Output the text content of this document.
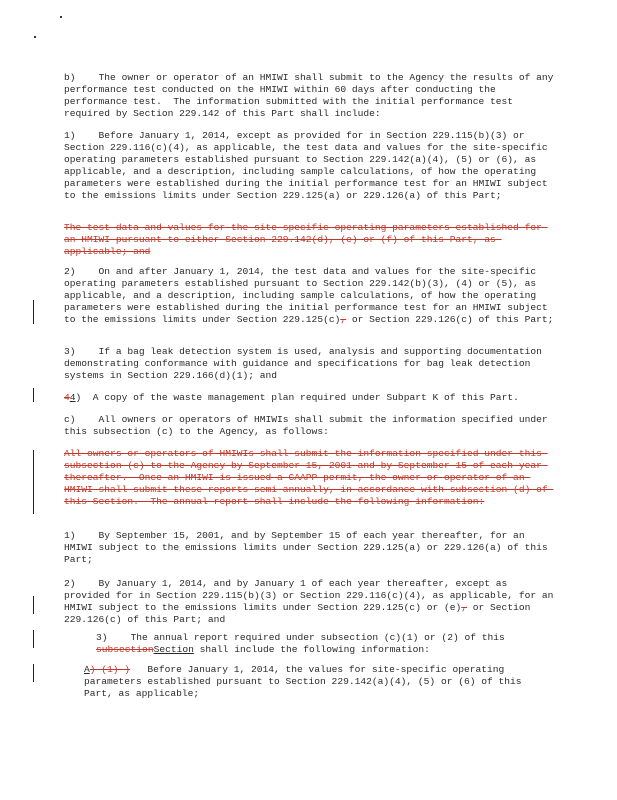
b)    The owner or operator of an HMIWI shall submit to the Agency the results of any performance test conducted on the HMIWI within 60 days after conducting the performance test.  The information submitted with the initial performance test required by Section 229.142 of this Part shall include:

1)    Before January 1, 2014, except as provided for in Section 229.115(b)(3) or Section 229.116(c)(4), as applicable, the test data and values for the site-specific operating parameters established pursuant to Section 229.142(a)(4), (5) or (6), as applicable, and a description, including sample calculations, of how the operating parameters were established during the initial performance test for an HMIWI subject to the emissions limits under Section 229.125(a) or 229.126(a) of this Part;

The test data and values for the site-specific operating parameters established for an HMIWI pursuant to either Section 229.142(d), (e) or (f) of this Part, as applicable; and

2)    On and after January 1, 2014, the test data and values for the site-specific operating parameters established pursuant to Section 229.142(b)(3), (4) or (5), as applicable, and a description, including sample calculations, of how the operating parameters were established during the initial performance test for an HMIWI subject to the emissions limits under Section 229.125(c), or Section 229.126(c) of this Part;

3)    If a bag leak detection system is used, analysis and supporting documentation demonstrating conformance with guidance and specifications for bag leak detection systems in Section 229.166(d)(1); and

44)  A copy of the waste management plan required under Subpart K of this Part.

c)    All owners or operators of HMIWIs shall submit the information specified under this subsection (c) to the Agency, as follows:

All owners or operators of HMIWIs shall submit the information specified under this subsection (c) to the Agency by September 15, 2001 and by September 15 of each year thereafter.  Once an HMIWI is issued a CAAPP permit, the owner or operator of an HMIWI shall submit these reports semi-annually, in accordance with subsection (d) of this Section.  The annual report shall include the following information:

1)    By September 15, 2001, and by September 15 of each year thereafter, for an HMIWI subject to the emissions limits under Section 229.125(a) or 229.126(a) of this Part;

2)    By January 1, 2014, and by January 1 of each year thereafter, except as provided for in Section 229.115(b)(3) or Section 229.116(c)(4), as applicable, for an HMIWI subject to the emissions limits under Section 229.125(c) or (e), or Section 229.126(c) of this Part; and

3)    The annual report required under subsection (c)(1) or (2) of this subsectionSection shall include the following information:

A) (1) )   Before January 1, 2014, the values for site-specific operating parameters established pursuant to Section 229.142(a)(4), (5) or (6) of this Part, as applicable;
